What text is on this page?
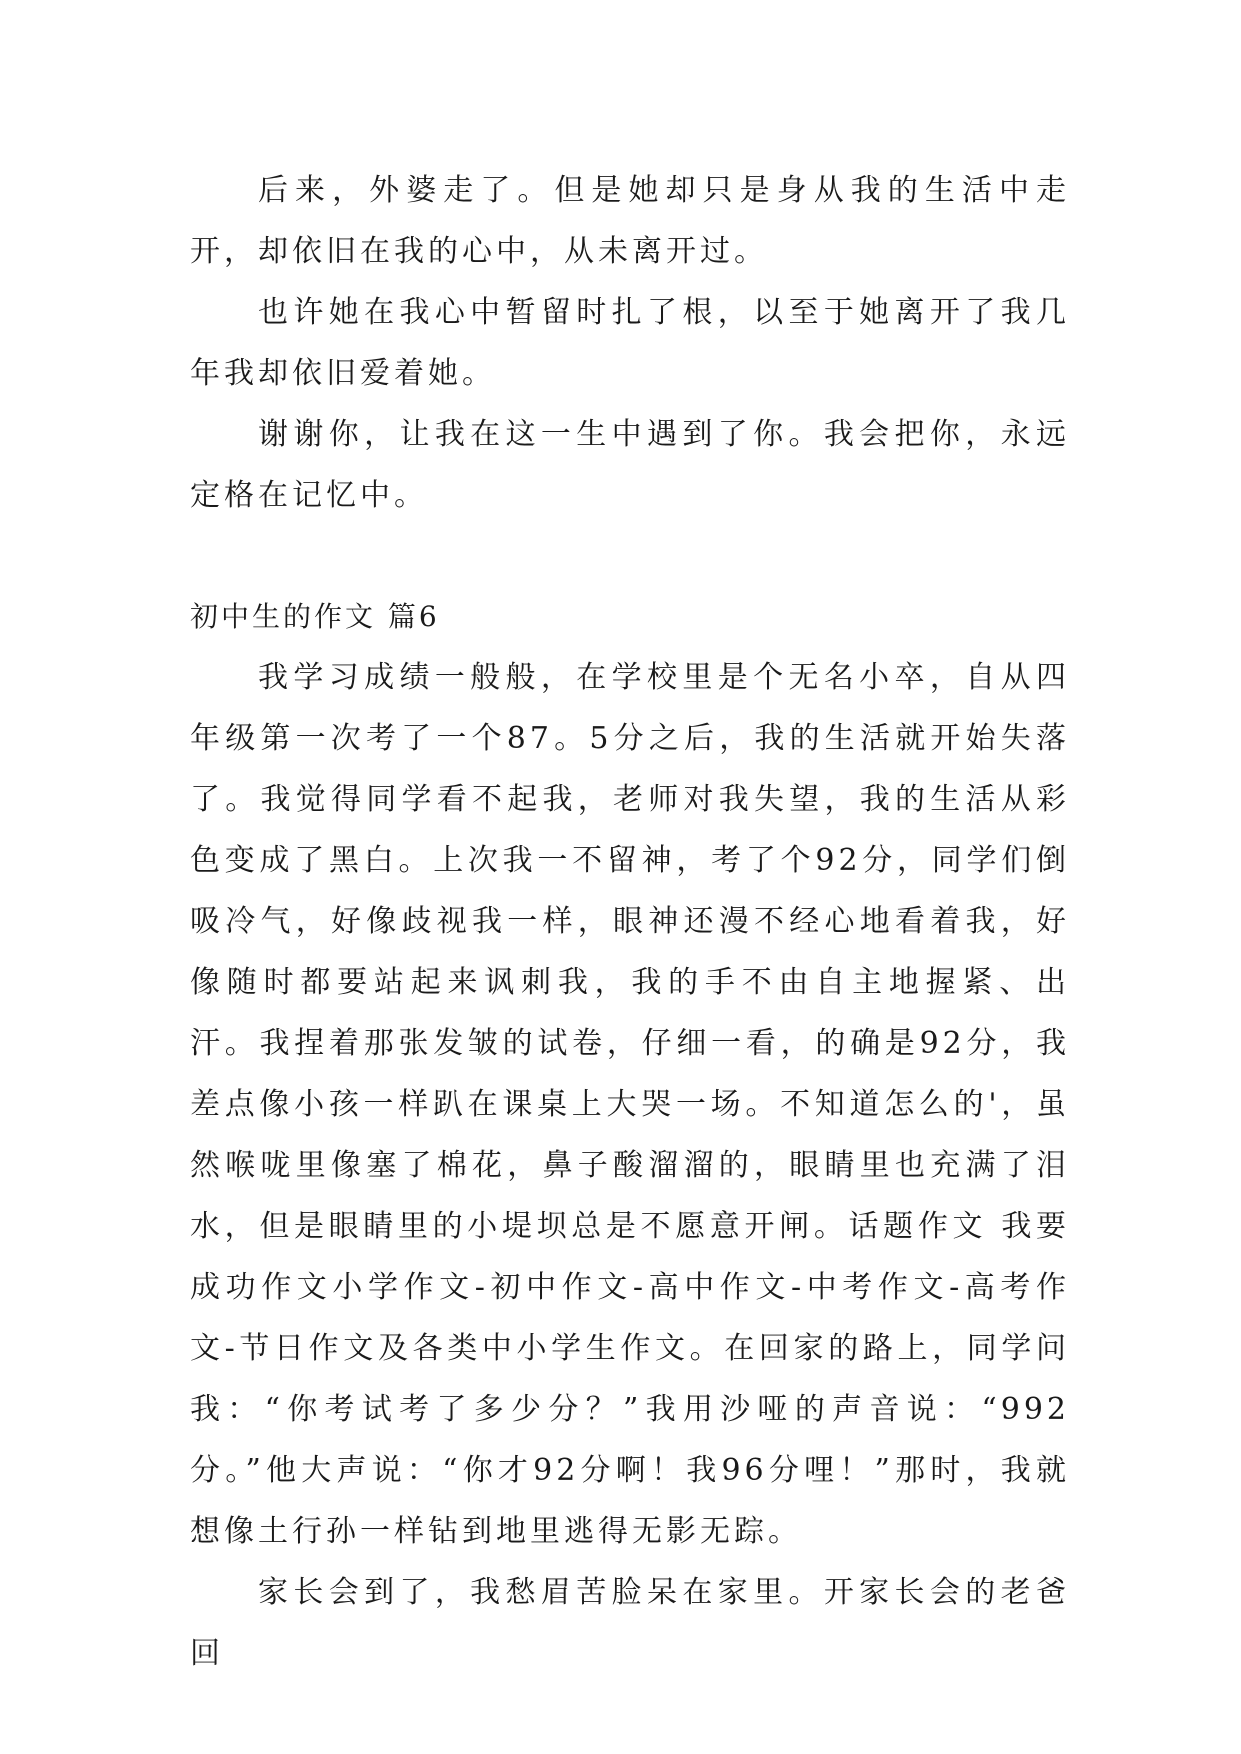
后来，外婆走了。但是她却只是身从我的生活中走开，却依旧在我的心中，从未离开过。

也许她在我心中暂留时扎了根，以至于她离开了我几年我却依旧爱着她。

谢谢你，让我在这一生中遇到了你。我会把你，永远定格在记忆中。

初中生的作文 篇6

我学习成绩一般般，在学校里是个无名小卒，自从四年级第一次考了一个87。5分之后，我的生活就开始失落了。我觉得同学看不起我，老师对我失望，我的生活从彩色变成了黑白。上次我一不留神，考了个92分，同学们倒吸冷气，好像歧视我一样，眼神还漫不经心地看着我，好像随时都要站起来讽刺我，我的手不由自主地握紧、出汗。我捏着那张发皱的试卷，仔细一看，的确是92分，我差点像小孩一样趴在课桌上大哭一场。不知道怎么的'，虽然喉咙里像塞了棉花，鼻子酸溜溜的，眼睛里也充满了泪水，但是眼睛里的小堤坝总是不愿意开闸。话题作文 我要成功作文小学作文-初中作文-高中作文-中考作文-高考作文-节日作文及各类中小学生作文。在回家的路上，同学问我：“你考试考了多少分？”我用沙哑的声音说：“992分。”他大声说：“你才92分啊！我96分哩！”那时，我就想像土行孙一样钻到地里逃得无影无踪。

家长会到了，我愁眉苦脸呆在家里。开家长会的老爸回
